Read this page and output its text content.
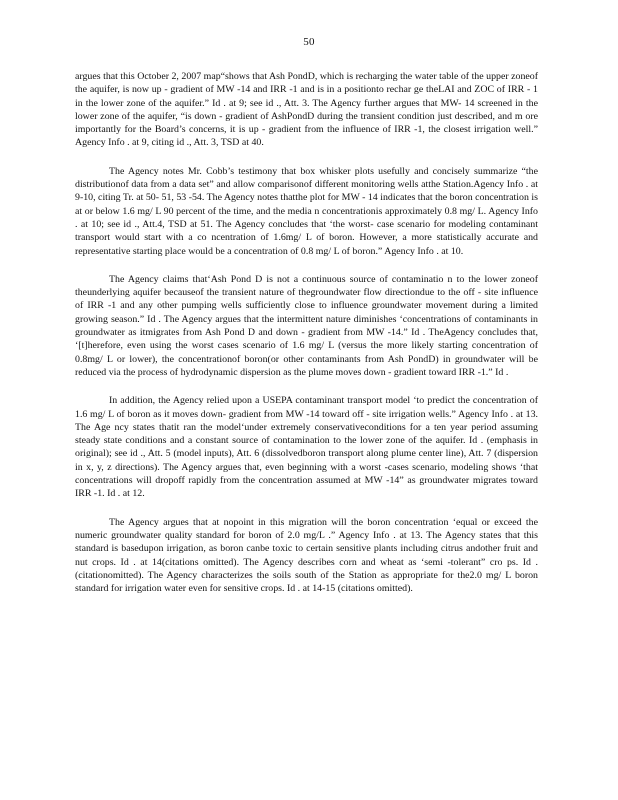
50

argues that this October 2, 2007 map“shows that Ash PondD, which is recharging the water table of the upper zoneof the aquifer, is now up - gradient of MW -14 and IRR -1 and is in a positionto rechar ge theLAI and ZOC of IRR - 1 in the lower zone of the aquifer.” Id . at 9; see id ., Att. 3. The Agency further argues that MW- 14 screened in the lower zone of the aquifer, “is down - gradient of AshPondD during the transient condition just described, and m ore importantly for the Board’s concerns, it is up - gradient from the influence of IRR -1, the closest irrigation well.” Agency Info . at 9, citing id ., Att. 3, TSD at 40.

The Agency notes Mr. Cobb’s testimony that box whisker plots usefully and concisely summarize “the distributionof data from a data set” and allow comparisonof different monitoring wells atthe Station.Agency Info . at 9-10, citing Tr. at 50- 51, 53 -54. The Agency notes thatthe plot for MW - 14 indicates that the boron concentration is at or below 1.6 mg/ L 90 percent of the time, and the media n concentrationis approximately 0.8 mg/ L. Agency Info . at 10; see id ., Att.4, TSD at 51. The Agency concludes that ‘the worst- case scenario for modeling contaminant transport would start with a co ncentration of 1.6mg/ L of boron. However, a more statistically accurate and representative starting place would be a concentration of 0.8 mg/ L of boron.” Agency Info . at 10.

The Agency claims that‘Ash Pond D is not a continuous source of contaminatio n to the lower zoneof theunderlying aquifer becauseof the transient nature of thegroundwater flow directiondue to the off - site influence of IRR -1 and any other pumping wells sufficiently close to influence groundwater movement during a limited growing season.” Id . The Agency argues that the intermittent nature diminishes ‘concentrations of contaminants in groundwater as itmigrates from Ash Pond D and down - gradient from MW -14.” Id . TheAgency concludes that, ‘[t]herefore, even using the worst cases scenario of 1.6 mg/ L (versus the more likely starting concentration of 0.8mg/ L or lower), the concentrationof boron(or other contaminants from Ash PondD) in groundwater will be reduced via the process of hydrodynamic dispersion as the plume moves down - gradient toward IRR -1.” Id .

In addition, the Agency relied upon a USEPA contaminant transport model ‘to predict the concentration of 1.6 mg/ L of boron as it moves down- gradient from MW -14 toward off - site irrigation wells.” Agency Info . at 13. The Age ncy states thatit ran the model‘under extremely conservativeconditions for a ten year period assuming steady state conditions and a constant source of contamination to the lower zone of the aquifer. Id . (emphasis in original); see id ., Att. 5 (model inputs), Att. 6 (dissolvedboron transport along plume center line), Att. 7 (dispersion in x, y, z directions). The Agency argues that, even beginning with a worst -cases scenario, modeling shows ‘that concentrations will dropoff rapidly from the concentration assumed at MW -14” as groundwater migrates toward IRR -1. Id . at 12.

The Agency argues that at nopoint in this migration will the boron concentration ‘equal or exceed the numeric groundwater quality standard for boron of 2.0 mg/L .” Agency Info . at 13. The Agency states that this standard is basedupon irrigation, as boron canbe toxic to certain sensitive plants including citrus andother fruit and nut crops. Id . at 14(citations omitted). The Agency describes corn and wheat as ‘semi -tolerant” cro ps. Id . (citationomitted). The Agency characterizes the soils south of the Station as appropriate for the2.0 mg/ L boron standard for irrigation water even for sensitive crops. Id . at 14-15 (citations omitted).
